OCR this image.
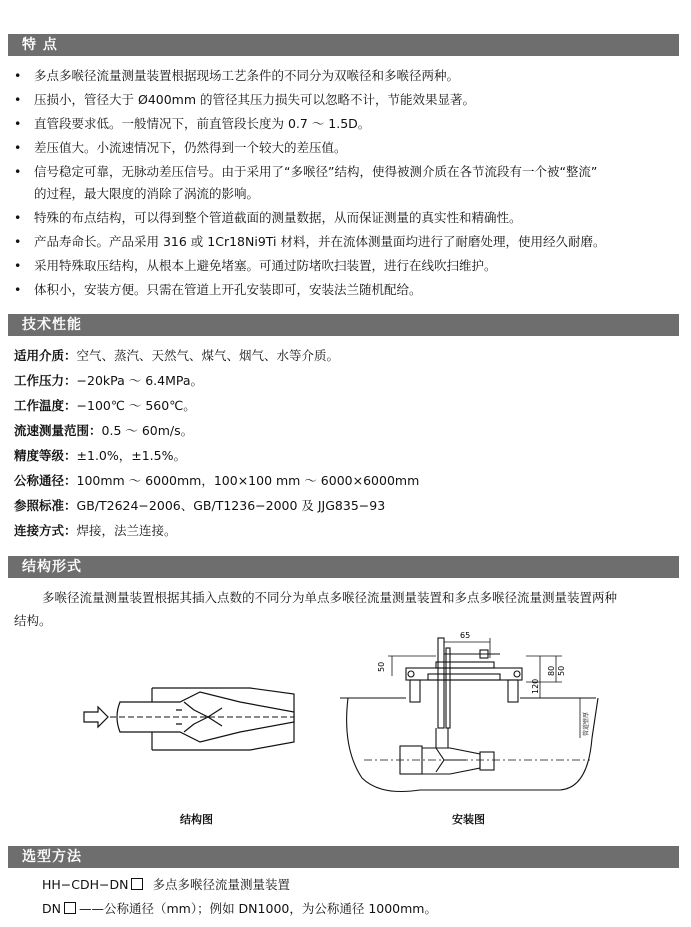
特 点
• 多点多喉径流量测量装置根据现场工艺条件的不同分为双喉径和多喉径两种。
• 压损小，管径大于 Ø400mm 的管径其压力损失可以忽略不计，节能效果显著。
• 直管段要求低。一般情况下，前直管段长度为 0.7 ～ 1.5D。
• 差压值大。小流速情况下，仍然得到一个较大的差压值。
• 信号稳定可靠，无脉动差压信号。由于采用了“多喉径”结构，使得被测介质在各节流段有一个被“整流”
的过程，最大限度的消除了涡流的影响。
• 特殊的布点结构，可以得到整个管道截面的测量数据，从而保证测量的真实性和精确性。
• 产品寿命长。产品采用 316 或 1Cr18Ni9Ti 材料，并在流体测量面均进行了耐磨处理，使用经久耐磨。
• 采用特殊取压结构，从根本上避免堵塞。可通过防堵吹扫装置，进行在线吹扫维护。
• 体积小，安装方便。只需在管道上开孔安装即可，安装法兰随机配给。
技术性能
适用介质：空气、蒸汽、天然气、煤气、烟气、水等介质。
工作压力：−20kPa ～ 6.4MPa。
工作温度：−100℃ ～ 560℃。
流速测量范围：0.5 ～ 60m/s。
精度等级：±1.0%，±1.5%。
公称通径：100mm ～ 6000mm，100×100 mm ～ 6000×6000mm
参照标准：GB/T2624−2006、GB/T1236−2000 及 JJG835−93
连接方式：焊接，法兰连接。
结构形式
多喉径流量测量装置根据其插入点数的不同分为单点多喉径流量测量装置和多点多喉径流量测量装置两种
结构。
结构图
65
50
120
80 50
管道壁厚
安装图
选型方法
HH−CDH−DN 多点多喉径流量测量装置
DN ——公称通径（mm）；例如 DN1000，为公称通径 1000mm。
